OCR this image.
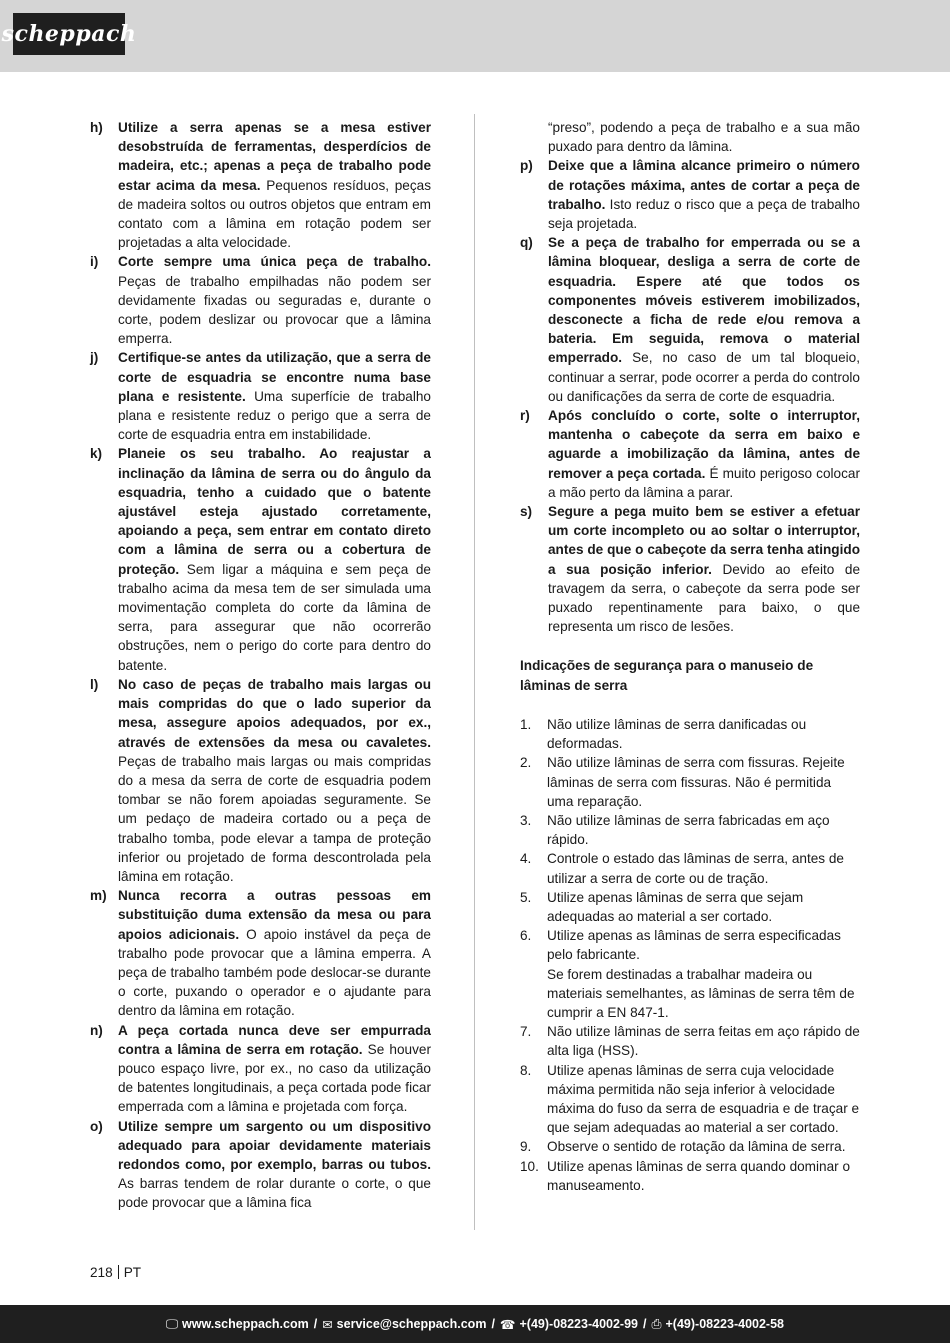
scheppach
h)	Utilize a serra apenas se a mesa estiver desobstruída de ferramentas, desperdícios de madeira, etc.; apenas a peça de trabalho pode estar acima da mesa. Pequenos resíduos, peças de madeira soltos ou outros objetos que entram em contato com a lâmina em rotação podem ser projetadas a alta velocidade.
i)	Corte sempre uma única peça de trabalho. Peças de trabalho empilhadas não podem ser devidamente fixadas ou seguradas e, durante o corte, podem deslizar ou provocar que a lâmina emperra.
j)	Certifique-se antes da utilização, que a serra de corte de esquadria se encontre numa base plana e resistente. Uma superfície de trabalho plana e resistente reduz o perigo que a serra de corte de esquadria entra em instabilidade.
k)	Planeie os seu trabalho. Ao reajustar a inclinação da lâmina de serra ou do ângulo da esquadria, tenho a cuidado que o batente ajustável esteja ajustado corretamente, apoiando a peça, sem entrar em contato direto com a lâmina de serra ou a cobertura de proteção. Sem ligar a máquina e sem peça de trabalho acima da mesa tem de ser simulada uma movimentação completa do corte da lâmina de serra, para assegurar que não ocorrerão obstruções, nem o perigo do corte para dentro do batente.
l)	No caso de peças de trabalho mais largas ou mais compridas do que o lado superior da mesa, assegure apoios adequados, por ex., através de extensões da mesa ou cavaletes. Peças de trabalho mais largas ou mais compridas do a mesa da serra de corte de esquadria podem tombar se não forem apoiadas seguramente. Se um pedaço de madeira cortado ou a peça de trabalho tomba, pode elevar a tampa de proteção inferior ou projetado de forma descontrolada pela lâmina em rotação.
m) Nunca recorra a outras pessoas em substituição duma extensão da mesa ou para apoios adicionais. O apoio instável da peça de trabalho pode provocar que a lâmina emperra. A peça de trabalho também pode deslocar-se durante o corte, puxando o operador e o ajudante para dentro da lâmina em rotação.
n)	A peça cortada nunca deve ser empurrada contra a lâmina de serra em rotação. Se houver pouco espaço livre, por ex., no caso da utilização de batentes longitudinais, a peça cortada pode ficar emperrada com a lâmina e projetada com força.
o)	Utilize sempre um sargento ou um dispositivo adequado para apoiar devidamente materiais redondos como, por exemplo, barras ou tubos. As barras tendem de rolar durante o corte, o que pode provocar que a lâmina fica
“preso”, podendo a peça de trabalho e a sua mão puxado para dentro da lâmina.
p)	Deixe que a lâmina alcance primeiro o número de rotações máxima, antes de cortar a peça de trabalho. Isto reduz o risco que a peça de trabalho seja projetada.
q)	Se a peça de trabalho for emperrada ou se a lâmina bloquear, desliga a serra de corte de esquadria. Espere até que todos os componentes móveis estiverem imobilizados, desconecte a ficha de rede e/ou remova a bateria. Em seguida, remova o material emperrado. Se, no caso de um tal bloqueio, continuar a serrar, pode ocorrer a perda do controlo ou danificações da serra de corte de esquadria.
r)	Após concluído o corte, solte o interruptor, mantenha o cabeçote da serra em baixo e aguarde a imobilização da lâmina, antes de remover a peça cortada. É muito perigoso colocar a mão perto da lâmina a parar.
s)	Segure a pega muito bem se estiver a efetuar um corte incompleto ou ao soltar o interruptor, antes de que o cabeçote da serra tenha atingido a sua posição inferior. Devido ao efeito de travagem da serra, o cabeçote da serra pode ser puxado repentinamente para baixo, o que representa um risco de lesões.
Indicações de segurança para o manuseio de lâminas de serra
1.	Não utilize lâminas de serra danificadas ou deformadas.
2.	Não utilize lâminas de serra com fissuras. Rejeite lâminas de serra com fissuras. Não é permitida uma reparação.
3.	Não utilize lâminas de serra fabricadas em aço rápido.
4.	Controle o estado das lâminas de serra, antes de utilizar a serra de corte ou de tração.
5.	Utilize apenas lâminas de serra que sejam adequadas ao material a ser cortado.
6.	Utilize apenas as lâminas de serra especificadas pelo fabricante.
Se forem destinadas a trabalhar madeira ou materiais semelhantes, as lâminas de serra têm de cumprir a EN 847-1.
7.	Não utilize lâminas de serra feitas em aço rápido de alta liga (HSS).
8.	Utilize apenas lâminas de serra cuja velocidade máxima permitida não seja inferior à velocidade máxima do fuso da serra de esquadria e de traçar e que sejam adequadas ao material a ser cortado.
9.	Observe o sentido de rotação da lâmina de serra.
10. Utilize apenas lâminas de serra quando dominar o manuseamento.
218 PT
🖵 www.scheppach.com / ✉ service@scheppach.com / ☎ +(49)-08223-4002-99 / ⎙ +(49)-08223-4002-58
